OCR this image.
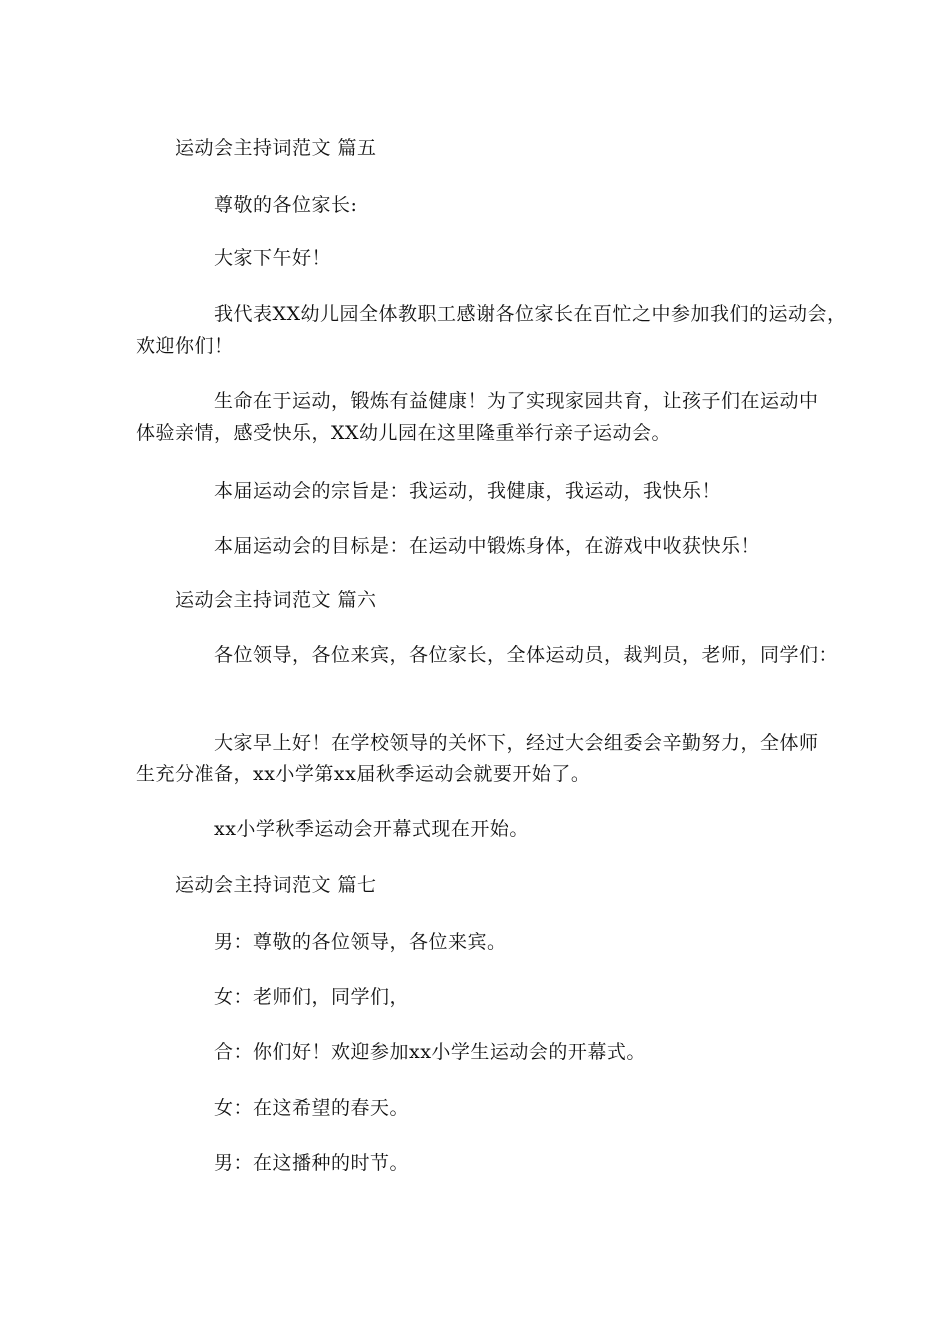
运动会主持词范文 篇五
尊敬的各位家长:
大家下午好！
我代表XX幼儿园全体教职工感谢各位家长在百忙之中参加我们的运动会，
欢迎你们！
生命在于运动，锻炼有益健康！为了实现家园共育，让孩子们在运动中
体验亲情，感受快乐，XX幼儿园在这里隆重举行亲子运动会。
本届运动会的宗旨是：我运动，我健康，我运动，我快乐！
本届运动会的目标是：在运动中锻炼身体，在游戏中收获快乐！
运动会主持词范文 篇六
各位领导，各位来宾，各位家长，全体运动员，裁判员，老师，同学们：
大家早上好！在学校领导的关怀下，经过大会组委会辛勤努力，全体师
生充分准备，xx小学第xx届秋季运动会就要开始了。
xx小学秋季运动会开幕式现在开始。
运动会主持词范文 篇七
男：尊敬的各位领导，各位来宾。
女：老师们，同学们，
合：你们好！欢迎参加xx小学生运动会的开幕式。
女：在这希望的春天。
男：在这播种的时节。
